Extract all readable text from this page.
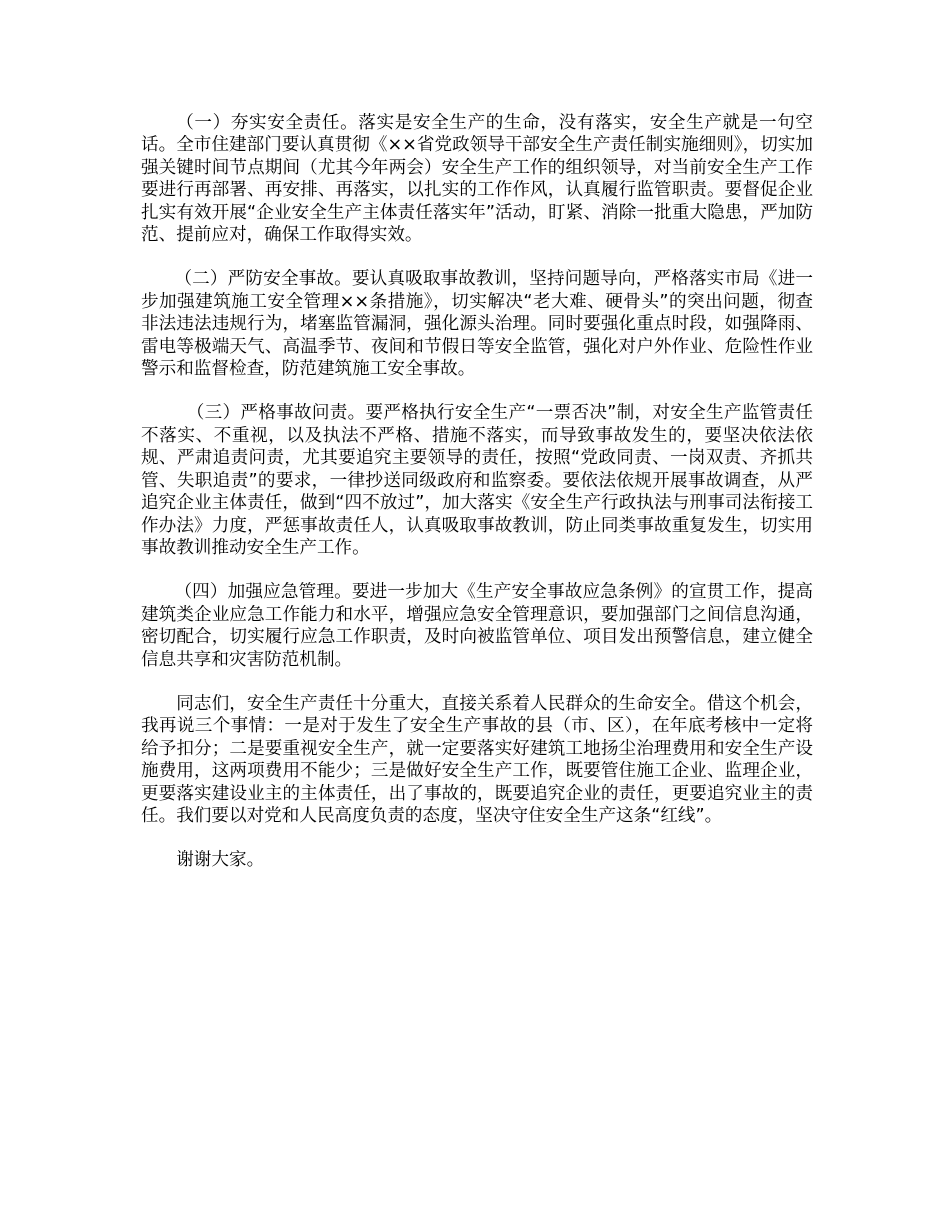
（一）夯实安全责任。落实是安全生产的生命，没有落实，安全生产就是一句空话。全市住建部门要认真贯彻《××省党政领导干部安全生产责任制实施细则》，切实加强关键时间节点期间（尤其今年两会）安全生产工作的组织领导，对当前安全生产工作要进行再部署、再安排、再落实，以扎实的工作作风，认真履行监管职责。要督促企业扎实有效开展“企业安全生产主体责任落实年”活动，盯紧、消除一批重大隐患，严加防范、提前应对，确保工作取得实效。

（二）严防安全事故。要认真吸取事故教训，坚持问题导向，严格落实市局《进一步加强建筑施工安全管理××条措施》，切实解决“老大难、硬骨头”的突出问题，彻查非法违法违规行为，堵塞监管漏洞，强化源头治理。同时要强化重点时段，如强降雨、雷电等极端天气、高温季节、夜间和节假日等安全监管，强化对户外作业、危险性作业警示和监督检查，防范建筑施工安全事故。

（三）严格事故问责。要严格执行安全生产“一票否决”制，对安全生产监管责任不落实、不重视，以及执法不严格、措施不落实，而导致事故发生的，要坚决依法依规、严肃追责问责，尤其要追究主要领导的责任，按照“党政同责、一岗双责、齐抓共管、失职追责”的要求，一律抄送同级政府和监察委。要依法依规开展事故调查，从严追究企业主体责任，做到“四不放过”，加大落实《安全生产行政执法与刑事司法衔接工作办法》力度，严惩事故责任人，认真吸取事故教训，防止同类事故重复发生，切实用事故教训推动安全生产工作。

（四）加强应急管理。要进一步加大《生产安全事故应急条例》的宣贯工作，提高建筑类企业应急工作能力和水平，增强应急安全管理意识，要加强部门之间信息沟通，密切配合，切实履行应急工作职责，及时向被监管单位、项目发出预警信息，建立健全信息共享和灾害防范机制。

同志们，安全生产责任十分重大，直接关系着人民群众的生命安全。借这个机会，我再说三个事情：一是对于发生了安全生产事故的县（市、区），在年底考核中一定将给予扣分；二是要重视安全生产，就一定要落实好建筑工地扬尘治理费用和安全生产设施费用，这两项费用不能少；三是做好安全生产工作，既要管住施工企业、监理企业，更要落实建设业主的主体责任，出了事故的，既要追究企业的责任，更要追究业主的责任。我们要以对党和人民高度负责的态度，坚决守住安全生产这条“红线”。

谢谢大家。
